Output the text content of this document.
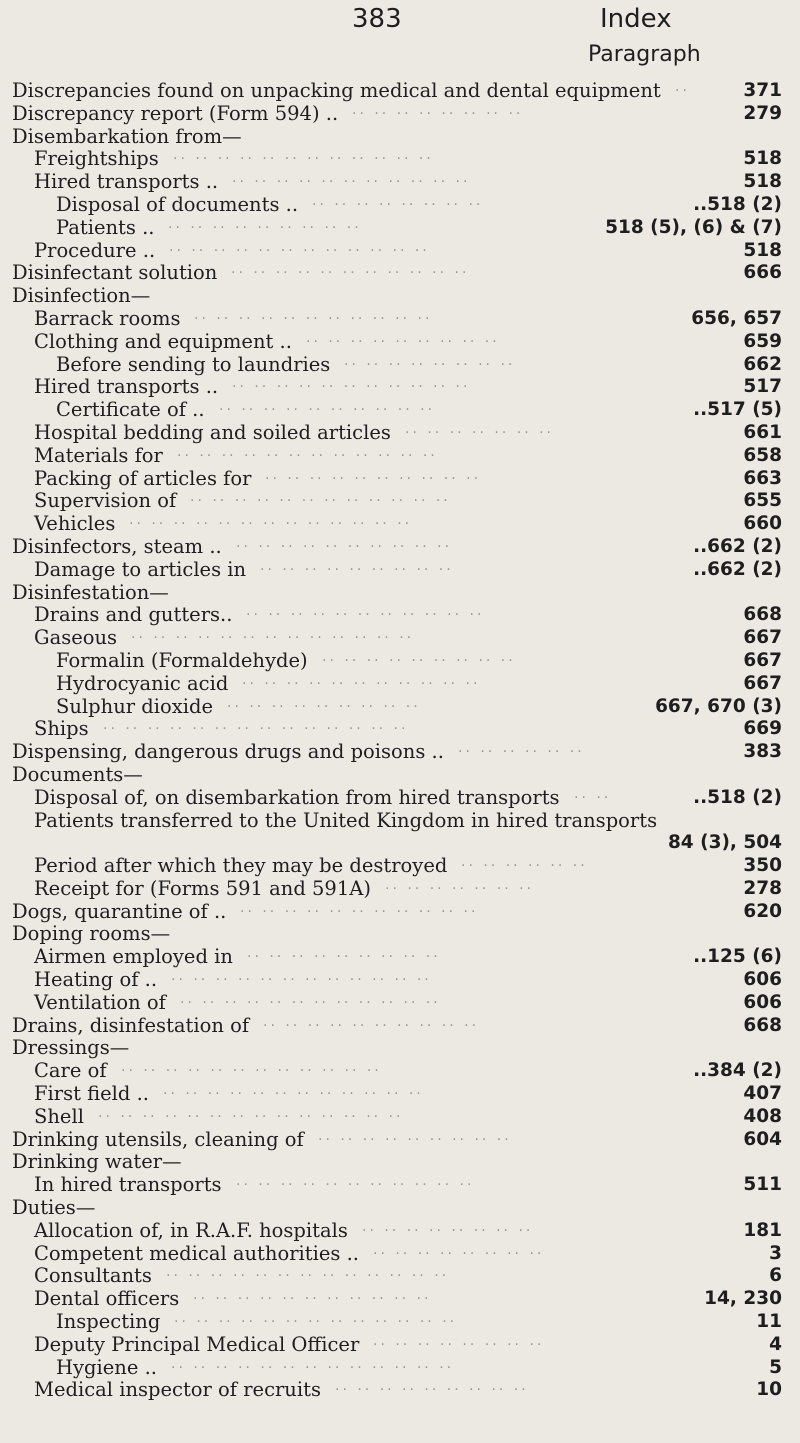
383	Index
Paragraph
Discrepancies found on unpacking medical and dental equipment	371
··
Discrepancy report (Form 594) ..	279
·· ·· ·· ·· ·· ·· ·· ··
Disembarkation from—
Freightships	518
·· ·· ·· ·· ·· ·· ·· ·· ·· ·· ·· ··
Hired transports ..	518
·· ·· ·· ·· ·· ·· ·· ·· ·· ·· ··
Disposal of documents ..	..518 (2)
·· ·· ·· ·· ·· ·· ·· ··
Patients ..	518 (5), (6) & (7)
·· ·· ·· ·· ·· ·· ·· ·· ··
Procedure ..	518
·· ·· ·· ·· ·· ·· ·· ·· ·· ·· ·· ··
Disinfectant solution	666
·· ·· ·· ·· ·· ·· ·· ·· ·· ·· ··
Disinfection—
Barrack rooms	656, 657
·· ·· ·· ·· ·· ·· ·· ·· ·· ·· ··
Clothing and equipment ..	659
·· ·· ·· ·· ·· ·· ·· ·· ··
Before sending to laundries	662
·· ·· ·· ·· ·· ·· ·· ··
Hired transports ..	517
·· ·· ·· ·· ·· ·· ·· ·· ·· ·· ··
Certificate of ..	..517 (5)
·· ·· ·· ·· ·· ·· ·· ·· ·· ··
Hospital bedding and soiled articles	661
·· ·· ·· ·· ·· ·· ··
Materials for	658
·· ·· ·· ·· ·· ·· ·· ·· ·· ·· ·· ··
Packing of articles for	663
·· ·· ·· ·· ·· ·· ·· ·· ·· ··
Supervision of	655
·· ·· ·· ·· ·· ·· ·· ·· ·· ·· ·· ··
Vehicles	660
·· ·· ·· ·· ·· ·· ·· ·· ·· ·· ·· ·· ··
Disinfectors, steam ..	..662 (2)
·· ·· ·· ·· ·· ·· ·· ·· ·· ··
Damage to articles in	..662 (2)
·· ·· ·· ·· ·· ·· ·· ·· ··
Disinfestation—
Drains and gutters..	668
·· ·· ·· ·· ·· ·· ·· ·· ·· ·· ··
Gaseous	667
·· ·· ·· ·· ·· ·· ·· ·· ·· ·· ·· ·· ··
Formalin (Formaldehyde)	667
·· ·· ·· ·· ·· ·· ·· ·· ··
Hydrocyanic acid	667
·· ·· ·· ·· ·· ·· ·· ·· ·· ·· ··
Sulphur dioxide	667, 670 (3)
·· ·· ·· ·· ·· ·· ·· ·· ··
Ships	669
·· ·· ·· ·· ·· ·· ·· ·· ·· ·· ·· ·· ·· ··
Dispensing, dangerous drugs and poisons ..	383
·· ·· ·· ·· ·· ··
Documents—
Disposal of, on disembarkation from hired transports	..518 (2)
·· ··
Patients transferred to the United Kingdom in hired transports
84 (3), 504
Period after which they may be destroyed	350
·· ·· ·· ·· ·· ··
Receipt for (Forms 591 and 591A)	278
·· ·· ·· ·· ·· ·· ··
Dogs, quarantine of ..	620
·· ·· ·· ·· ·· ·· ·· ·· ·· ·· ··
Doping rooms—
Airmen employed in	..125 (6)
·· ·· ·· ·· ·· ·· ·· ·· ··
Heating of ..	606
·· ·· ·· ·· ·· ·· ·· ·· ·· ·· ·· ··
Ventilation of	606
·· ·· ·· ·· ·· ·· ·· ·· ·· ·· ·· ··
Drains, disinfestation of	668
·· ·· ·· ·· ·· ·· ·· ·· ·· ··
Dressings—
Care of	..384 (2)
·· ·· ·· ·· ·· ·· ·· ·· ·· ·· ·· ··
First field ..	407
·· ·· ·· ·· ·· ·· ·· ·· ·· ·· ·· ··
Shell	408
·· ·· ·· ·· ·· ·· ·· ·· ·· ·· ·· ·· ·· ··
Drinking utensils, cleaning of	604
·· ·· ·· ·· ·· ·· ·· ·· ··
Drinking water—
In hired transports	511
·· ·· ·· ·· ·· ·· ·· ·· ·· ·· ··
Duties—
Allocation of, in R.A.F. hospitals	181
·· ·· ·· ·· ·· ·· ·· ··
Competent medical authorities ..	3
·· ·· ·· ·· ·· ·· ·· ··
Consultants	6
·· ·· ·· ·· ·· ·· ·· ·· ·· ·· ·· ·· ··
Dental officers	14, 230
·· ·· ·· ·· ·· ·· ·· ·· ·· ·· ··
Inspecting	11
·· ·· ·· ·· ·· ·· ·· ·· ·· ·· ·· ·· ··
Deputy Principal Medical Officer	4
·· ·· ·· ·· ·· ·· ·· ··
Hygiene ..	5
·· ·· ·· ·· ·· ·· ·· ·· ·· ·· ·· ·· ··
Medical inspector of recruits	10
·· ·· ·· ·· ·· ·· ·· ·· ··
